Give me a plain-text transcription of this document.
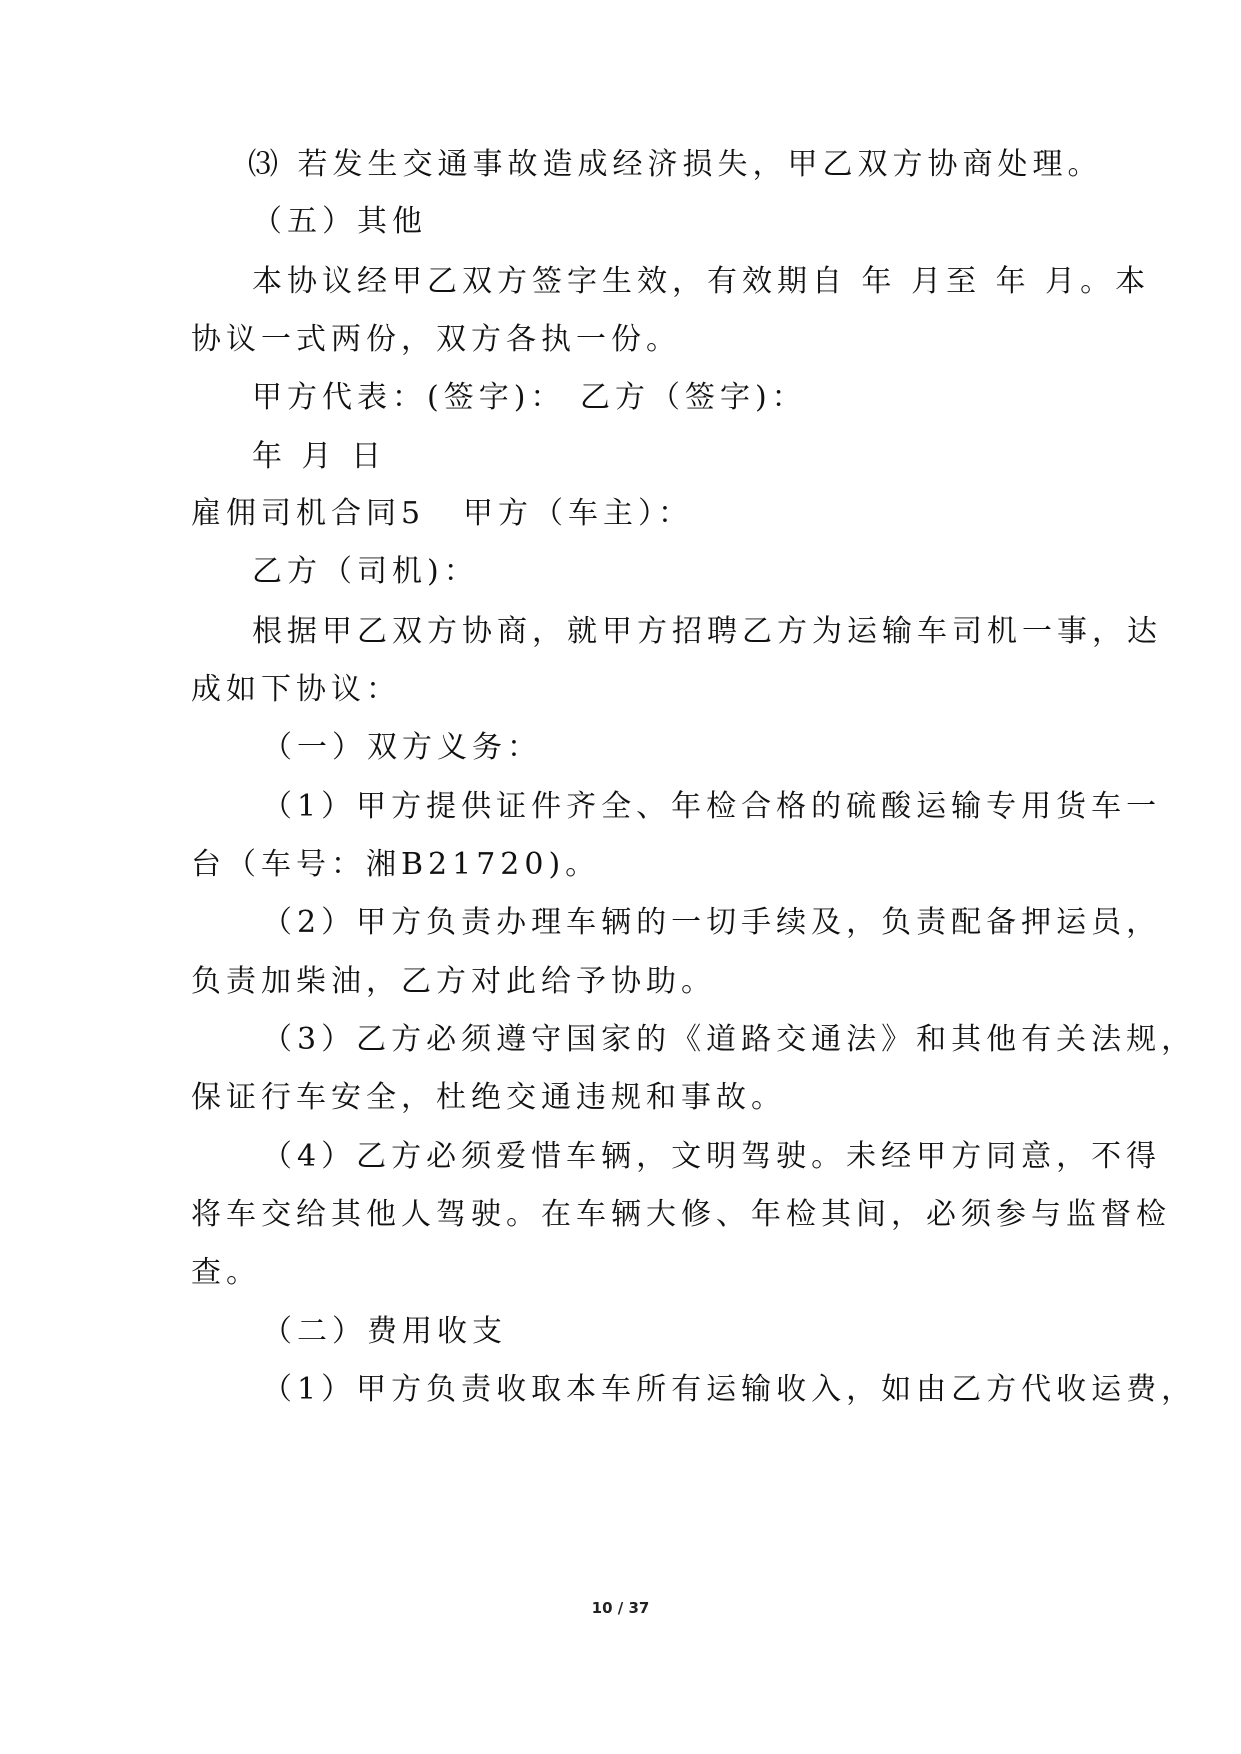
⑶ 若发生交通事故造成经济损失，甲乙双方协商处理。

（五）其他

本协议经甲乙双方签字生效，有效期自 年 月至 年 月。本

协议一式两份，双方各执一份。

甲方代表：(签字)： 乙方（签字)：

年 月 日

雇佣司机合同5 甲方（车主）：

乙方（司机)：

根据甲乙双方协商，就甲方招聘乙方为运输车司机一事，达

成如下协议：

（一）双方义务：

（1）甲方提供证件齐全、年检合格的硫酸运输专用货车一

台（车号：湘B21720)。

（2）甲方负责办理车辆的一切手续及，负责配备押运员，

负责加柴油，乙方对此给予协助。

（3）乙方必须遵守国家的《道路交通法》和其他有关法规，

保证行车安全，杜绝交通违规和事故。

（4）乙方必须爱惜车辆，文明驾驶。未经甲方同意，不得

将车交给其他人驾驶。在车辆大修、年检其间，必须参与监督检

查。

（二）费用收支

（1）甲方负责收取本车所有运输收入，如由乙方代收运费，

10 / 37
